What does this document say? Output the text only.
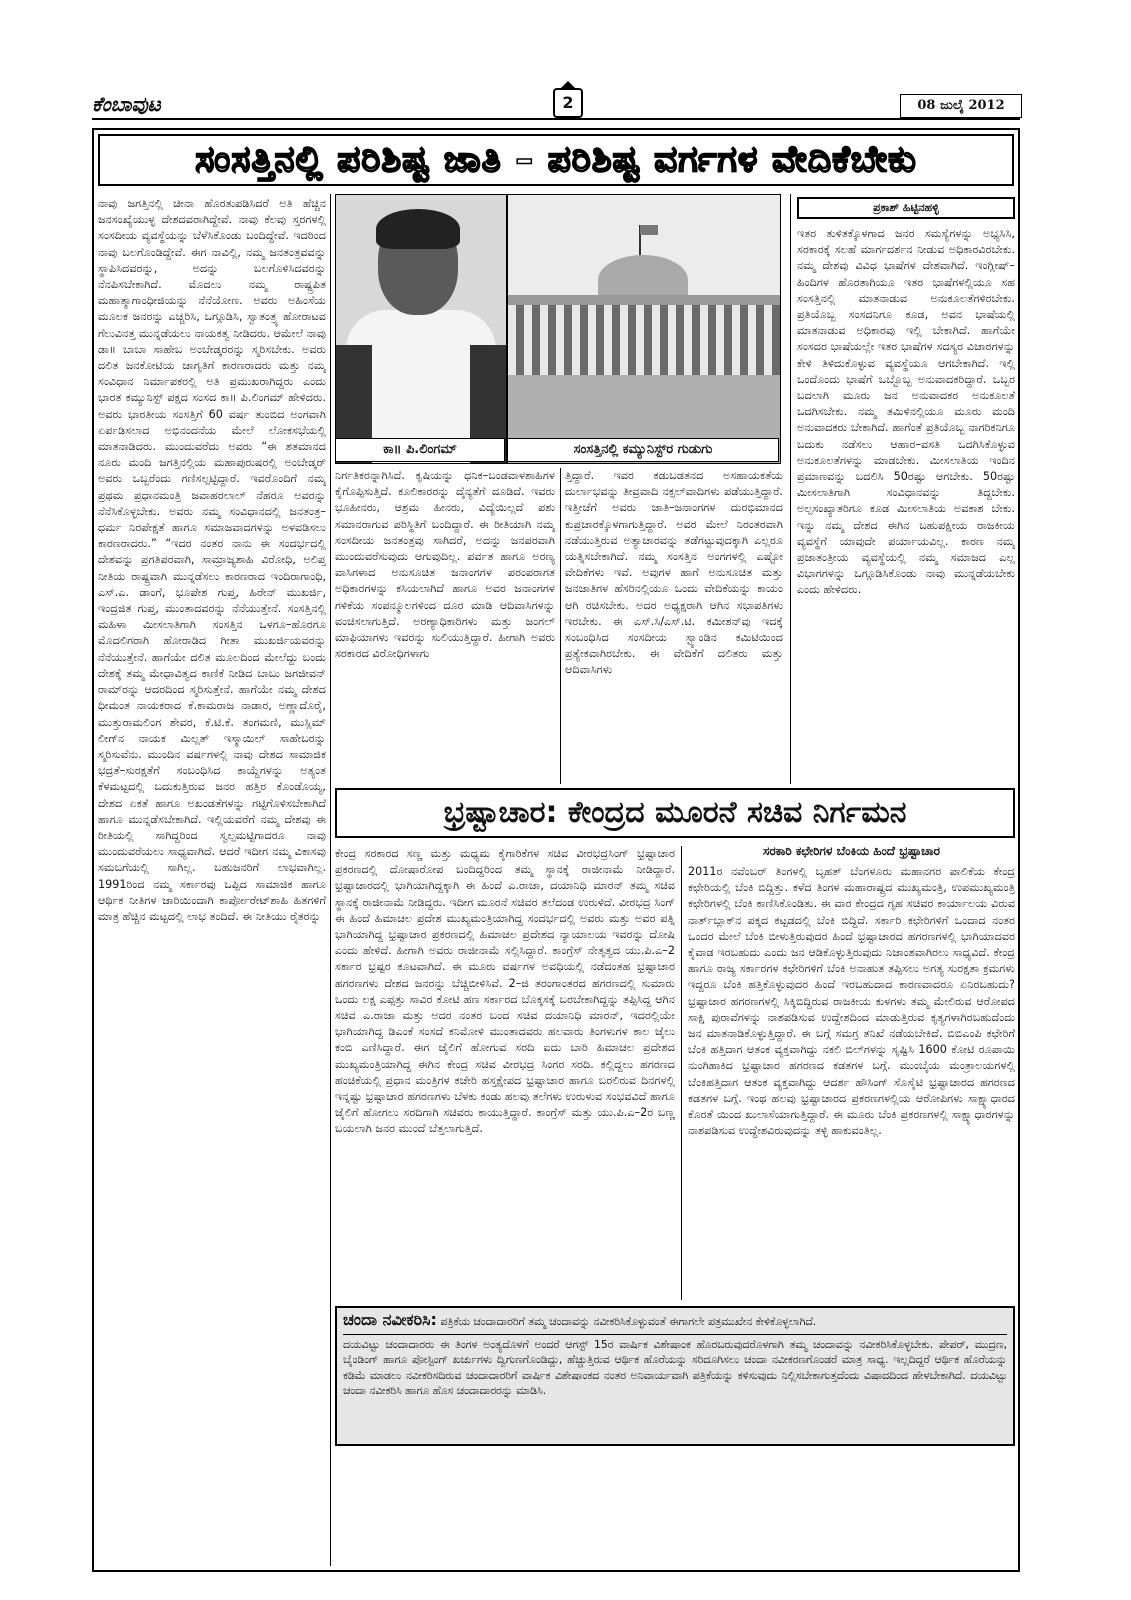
ಕೆಂಬಾವುಟ	2	08 ಜುಲೈ 2012
ಸಂಸತ್ತಿನಲ್ಲಿ ಪರಿಶಿಷ್ಟ ಜಾತಿ – ಪರಿಶಿಷ್ಟ ವರ್ಗಗಳ ವೇದಿಕೆಬೇಕು

ನಾವು ಜಗತ್ತಿನಲ್ಲಿ ಚೀನಾ ಹೊರತುಪಡಿಸಿದರೆ ಅತಿ ಹೆಚ್ಚಿನ ಜನಸಂಖ್ಯೆಯುಳ್ಳ ದೇಶದವರಾಗಿದ್ದೇವೆ. ನಾವು ಕೆಲವು ಸ್ತರಗಳಲ್ಲಿ ಸಂಸದೀಯ ವ್ಯವಸ್ಥೆಯನ್ನು ಬೆಳೆಸಿಕೊಂಡು ಬಂದಿದ್ದೇವೆ. ಇದರಿಂದ ನಾವು ಬಲಗೊಂಡಿದ್ದೇವೆ. ಈಗ ನಾವಿಲ್ಲಿ, ನಮ್ಮ ಜನತಂತ್ರವವನ್ನು ಸ್ಥಾಪಿಸಿದವರನ್ನು, ಅದನ್ನು ಬಲಗೊಳಿಸಿದವರನ್ನು ನೆನಪಿಸಬೇಕಾಗಿದೆ. ಮೊದಲು ನಮ್ಮ ರಾಷ್ಟ್ರಪಿತ ಮಹಾತ್ಮಾಗಾಂಧೀಜಿಯನ್ನು ನೆನೆಯೋಣ. ಅವರು ಅಹಿಂಸೆಯ ಮೂಲಕ ಜನರನ್ನು ಎಚ್ಚರಿಸಿ, ಒಗ್ಗೂಡಿಸಿ, ಸ್ವಾತಂತ್ರ್ಯ ಹೋರಾಟವ ಗೆಲುವಿನತ್ತ ಮುನ್ನಡೆಯಲು ನಾಯಕತ್ವ ನೀಡಿದರು. ಆಮೇಲೆ ನಾವು ಡಾ॥ ಬಾಬಾ ಸಾಹೇಬ ಅಂಬೇಡ್ಕರರನ್ನು ಸ್ಮರಿಸಬೇಕು. ಅವರು ದಲಿತ ಜನಕೋಟಿಯ ಜಾಗೃತಿಗೆ ಕಾರಣರಾದರು ಮತ್ತು ನಮ್ಮ ಸಂವಿಧಾನ ನಿರ್ಮಾಪಕರಲ್ಲಿ ಅತಿ ಪ್ರಮುಖರಾಗಿದ್ದರು ಎಂದು ಭಾರತ ಕಮ್ಯುನಿಸ್ಟ್ ಪಕ್ಷದ ಸಂಸದ ಕಾ॥ ಪಿ.ಲಿಂಗಮ್ ಹೇಳಿದರು. ಅವರು ಭಾರತೀಯ ಸಂಸತ್ತಿಗೆ 60 ವರ್ಷ ತುಂಬಿದ ಅಂಗವಾಗಿ ಏರ್ಪಡಿಸಲಾದ ಅಭಿನಂದನೆಯ ಮೇಲೆ ಲೋಕಸಭೆಯಲ್ಲಿ ಮಾತನಾಡಿದರು. ಮುಂದುವರೆದು ಅವರು “ಈ ಶತಮಾನದ ನೂರು ಮಂದಿ ಜಗತ್ತಿನಲ್ಲಿಯ ಮಹಾಪುರುಷರಲ್ಲಿ ಅಂಬೇಡ್ಕರ್ ಅವರು ಒಬ್ಬರೆಂದು ಗಣಿಸಲ್ಪಟ್ಟಿದ್ದಾರೆ. ಇವರೊಂದಿಗೆ ನಮ್ಮ ಪ್ರಥಮ ಪ್ರಧಾನಮಂತ್ರಿ ಜವಾಹರಲಾಲ್ ನೆಹರೂ ಅವರನ್ನು ನೆನೆಸಿಕೊಳ್ಳಬೇಕು. ಅವರು ನಮ್ಮ ಸಂವಿಧಾನದಲ್ಲಿ ಜನತಂತ್ರ–ಧರ್ಮ ನಿರಪೇಕ್ಷತೆ ಹಾಗೂ ಸಮಾಜವಾದಗಳನ್ನು ಅಳವಡಿಸಲು ಕಾರಣರಾದರು.” “ಇದರ ನಂತರ ನಾನು ಈ ಸಂದರ್ಭದಲ್ಲಿ ದೇಶವನ್ನು ಪ್ರಗತಿಪರವಾಗಿ, ಸಾಮ್ರಾಜ್ಯಶಾಹಿ ವಿರೋಧಿ, ಅಲಿಪ್ತ ನೀತಿಯ ರಾಷ್ಟ್ರವಾಗಿ ಮುನ್ನಡೆಸಲು ಕಾರಣರಾದ ಇಂದಿರಾಗಾಂಧಿ, ಎಸ್.ಎ. ಡಾಂಗೆ, ಭೂಪೇಶ ಗುಪ್ತ, ಹಿರೇನ್ ಮುಖರ್ಜಿ, ಇಂದ್ರಜಿತ ಗುಪ್ತ, ಮುಂತಾದವರನ್ನು ನೆನೆಯುತ್ತೇನೆ. ಸಂಸತ್ತಿನಲ್ಲಿ ಮಹಿಳಾ ಮೀಸಲಾತಿಗಾಗಿ ಸಂಸತ್ತಿನ ಒಳಗೂ–ಹೊರಗೂ ಮೊದಲಿಗರಾಗಿ ಹೋರಾಡಿದ ಗೀತಾ ಮುಖರ್ಜಿಯವರನ್ನು ನೆನೆಯುತ್ತೇನೆ. ಹಾಗೆಯೇ ದಲಿತ ಮೂಲದಿಂದ ಮೇಲೆದ್ದು ಬಂದು ದೇಶಕ್ಕೆ ತಮ್ಮ ಮೇಧಾವಿತ್ವದ ಕಾಣಿಕೆ ನೀಡಿದ ಬಾಬು ಜಗಜೀವನ್ ರಾಮ್‌ರನ್ನು ಆದರದಿಂದ ಸ್ಮರಿಸುತ್ತೇನೆ. ಹಾಗೆಯೇ ನಮ್ಮ ದೇಶದ ಧೀಮಂತ ನಾಯಕರಾದ ಕೆ.ಕಾಮರಾಜ ನಾಡಾರ, ಅಣ್ಣಾದೊರೈ, ಮುತ್ತುರಾಮಲಿಂಗ ಶೇವರ, ಕೆ.ಟಿ.ಕೆ. ತಂಗಮಣಿ, ಮುಸ್ಲಿಮ್ ಲೀಗ್‌ನ ನಾಯಕ ಮಿಲ್ಲತ್ ಇಸ್ಮಾಯಿಲ್ ಸಾಹೇಬರನ್ನು ಸ್ಮರಿಸುವೆನು. ಮುಂದಿನ ವರ್ಷಗಳಲ್ಲಿ ನಾವು ದೇಶದ ಸಾಮಾಜಿಕ ಭದ್ರತೆ–ಸುರಕ್ಷತೆಗೆ ಸಂಬಂಧಿಸಿದ ಕಾಯ್ದೆಗಳನ್ನು ಅತ್ಯಂತ ಕೆಳಮಟ್ಟದಲ್ಲಿ ಬದುಕುತ್ತಿರುವ ಜನರ ಹತ್ತಿರ ಕೊಂಡೊಯ್ಯ, ದೇಶದ ಏಕತೆ ಹಾಗೂ ಅಖಂಡತೆಗಳನ್ನು ಗಟ್ಟಿಗೊಳಿಸಬೇಕಾಗಿದೆ ಹಾಗೂ ಮುನ್ನಡೆಸಬೇಕಾಗಿದೆ. ಇಲ್ಲಿಯವರೆಗೆ ನಮ್ಮ ದೇಶವು ಈ ರೀತಿಯಲ್ಲಿ ಸಾಗಿದ್ದರಿಂದ ಸ್ವಲ್ಪಮಟ್ಟಿಗಾದರೂ ನಾವು ಮುಂದುವರೆಯಲು ಸಾಧ್ಯವಾಗಿದೆ. ಆದರೆ ಇದೀಗ ನಮ್ಮ ವಿಕಾಸವು ಸಮಬಗೆಯಲ್ಲಿ ಸಾಗಿಲ್ಲ. ಬಹುಜನರಿಗೆ ಲಾಭವಾಗಿಲ್ಲ. 1991ರಿಂದ ನಮ್ಮ ಸರ್ಕಾರವು ಒಪ್ಪಿದ ಸಾಮಾಜಿಕ ಹಾಗೂ ಆರ್ಥಿಕ ನೀತಿಗಳ ಜಾರಿಯಿಂದಾಗಿ ಕಾರ್ಪೋರೇಟ್‌ಶಾಹಿ ಹಿತಗಳಿಗೆ ಮಾತ್ರ ಹೆಚ್ಚಿನ ಮಟ್ಟದಲ್ಲಿ ಲಾಭ ತಂದಿದೆ. ಈ ನೀತಿಯು ರೈತರನ್ನು

ಕಾ॥ ಪಿ.ಲಿಂಗಮ್	ಸಂಸತ್ತಿನಲ್ಲಿ ಕಮ್ಯುನಿಸ್ಟ್‌ರ ಗುಡುಗು

ನಿರ್ಗತಿಕರನ್ನಾಗಿಸಿದೆ. ಕೃಷಿಯನ್ನು ಧನಿಕ–ಬಂಡವಾಳಶಾಹಿಗಳ ಕೈಗೊಪ್ಪಿಸುತ್ತಿದೆ. ಕೂಲಿಕಾರರನ್ನು ದೈನ್ಯತೆಗೆ ದೂಡಿದೆ. ಇವರು ಭೂಹೀನರು, ಆಶ್ರಮ ಹೀನರು, ವಿದ್ಯೆಯಿಲ್ಲದೆ ಪಶು ಸಮಾನರಾಗುವ ಪರಿಸ್ಥಿತಿಗೆ ಬಂದಿದ್ದಾರೆ. ಈ ರೀತಿಯಾಗಿ ನಮ್ಮ ಸಂಸದೀಯ ಜನತಂತ್ರವು ಸಾಗಿದರೆ, ಅದನ್ನು ಜನಪರವಾಗಿ ಮುಂದುವರೆಸುವುದು ಆಗುವುದಿಲ್ಲ. ಪರ್ವತ ಹಾಗೂ ಅರಣ್ಯ ವಾಸಿಗಳಾದ ಅನುಸೂಚಿತ ಜನಾಂಗಗಳ ಪರಂಪರಾಗತ ಅಧಿಕಾರಗಳನ್ನು ಕಸಿಯಲಾಗಿದೆ ಹಾಗೂ ಅವರ ಜನಾಂಗಗಳ ಗಳಿಕೆಯ ಸಂಪನ್ಮೂಲಗಳಿಂದ ದೂರ ಮಾಡಿ ಆದಿವಾಸಿಗಳನ್ನು ವಂಚಿಸಲಾಗುತ್ತಿದೆ. ಅರಣ್ಯಾಧಿಕಾರಿಗಳು ಮತ್ತು ಜಂಗಲ್ ಮಾಫಿಯಾಗಳು ಇವರನ್ನು ಸುಲಿಯುತ್ತಿದ್ದಾರೆ. ಹೀಗಾಗಿ ಅವರು ಸರಕಾರದ ವಿರೋಧಿಗಳಾಗು

ತ್ತಿದ್ದಾರೆ. ಇವರ ಕಡುಬಡತನದ ಅಸಹಾಯಕತೆಯ ದುರ್ಲಾಭವನ್ನು ತೀವ್ರವಾದಿ ನಕ್ಸಲ್‌ವಾದಿಗಳು ಪಡೆಯುತ್ತಿದ್ದಾರೆ. ಇತ್ತೀಚೆಗೆ ಅವರು ಜಾತಿ–ಜನಾಂಗಗಳ ದುರಭಿಮಾನದ ಕುಪ್ರಚಾರಕ್ಕೊಳಗಾಗುತ್ತಿದ್ದಾರೆ. ಅವರ ಮೇಲೆ ನಿರಂತರವಾಗಿ ನಡೆಯುತ್ತಿರುವ ಅತ್ಯಾಚಾರವನ್ನು ತಡೆಗಟ್ಟುವುದಕ್ಕಾಗಿ ಎಲ್ಲರೂ ಯತ್ನಿಸಬೇಕಾಗಿದೆ. ನಮ್ಮ ಸಂಸತ್ತಿನ ಅಂಗಗಳಲ್ಲಿ ಎಷ್ಟೋ ವೇದಿಕೆಗಳು ಇವೆ. ಅವುಗಳ ಹಾಗೆ ಅನುಸೂಚಿತ ಮತ್ತು ಜನಜಾತಿಗಳ ಹೆಸರಿನಲ್ಲಿಯೂ ಒಂದು ವೇದಿಕೆಯನ್ನು ಕಾಯಂ ಆಗಿ ರಚಿಸಬೇಕು. ಅದರ ಅಧ್ಯಕ್ಷರಾಗಿ ಆಗಿನ ಸಭಾಪತಿಗಳು ಇರಬೇಕು. ಈ ಎಸ್.ಸಿ/ಎಸ್.ಟಿ. ಕಮೀಶನ್‌ವು ಇದಕ್ಕೆ ಸಂಬಂಧಿಸಿದ ಸಂಸದೀಯ ಸ್ಟ್ಯಾಂಡಿನ ಕಮಿಟಿಯಿಂದ ಪ್ರತ್ಯೇಕವಾಗಿರಬೇಕು. ಈ ವೇದಿಕೆಗೆ ದಲಿತರು ಮತ್ತು ಆದಿವಾಸಿಗಳು

ಪ್ರಕಾಶ್ ಹಿಟ್ಟಿನಹಳ್ಳಿ

ಇತರ ತುಳಿತಕ್ಕೊಳಗಾದ ಜನರ ಸಮಸ್ಯೆಗಳನ್ನು ಅಭ್ಯಸಿಸಿ, ಸರಕಾರಕ್ಕೆ ಸಲಹೆ ಮಾರ್ಗದರ್ಶನ ನೀಡುವ ಅಧಿಕಾರವಿರಬೇಕು. ನಮ್ಮ ದೇಶವು ವಿವಿಧ ಭಾಷೆಗಳ ದೇಶವಾಗಿದೆ. ಇಂಗ್ಲೀಷ್–ಹಿಂದಿಗಳ ಹೊರತಾಗಿಯೂ ಇತರ ಭಾಷೆಗಳಲ್ಲಿಯೂ ಸಹ ಸಂಸತ್ತಿನಲ್ಲಿ ಮಾತನಾಡುವ ಅನುಕೂಲತೆಗಳಿರಬೇಕು. ಪ್ರತಿಯೊಬ್ಬ ಸಂಸದನಿಗೂ ಕೂಡ, ಅವನ ಭಾಷೆಯಲ್ಲಿ ಮಾತನಾಡುವ ಅಧಿಕಾರವು ಇಲ್ಲಿ ಬೇಕಾಗಿದೆ. ಹಾಗೆಯೇ ಸಂಸದರ ಭಾಷೆಯಲ್ಲೇ ಇತರ ಭಾಷೆಗಳ ಸದಸ್ಯರ ವಿಚಾರಗಳನ್ನು ಕೇಳಿ ತಿಳಿದುಕೊಳ್ಳುವ ವ್ಯವಸ್ಥೆಯೂ ಆಗಬೇಕಾಗಿದೆ. ಇಲ್ಲಿ ಒಂದೊಂದು ಭಾಷೆಗೆ ಒಬ್ಬೊಬ್ಬ ಅನುವಾದಕರಿದ್ದಾರೆ. ಒಬ್ಬರ ಬದಲಾಗಿ ಮೂರು ಜನ ಅನುವಾದಕರ ಅನುಕೂಲತೆ ಒದಗಿಸಬೇಕು. ನಮ್ಮ ತಮಿಳಿನಲ್ಲಿಯೂ ಮೂರು ಮಂದಿ ಅನುವಾದಕರು ಬೇಕಾಗಿದೆ. ಹಾಗೆಂತೆ ಪ್ರತಿಯೊಬ್ಬ ನಾಗರಿಕನಿಗೂ ಬದುಕು ನಡೆಸಲು ಆಹಾರ–ವಸತಿ ಒದಗಿಸಿಕೊಳ್ಳುವ ಅನುಕೂಲತೆಗಳನ್ನು ಮಾಡಬೇಕು. ಮೀಸಲಾತಿಯ ಇಂದಿನ ಪ್ರಮಾಣವನ್ನು ಬದಲಿಸಿ 50ರಷ್ಟು ಆಗಬೇಕು. 50ರಷ್ಟು ಮೀಸಲಾತಿಗಾಗಿ ಸಂವಿಧಾನವನ್ನು ತಿದ್ದಬೇಕು. ಅಲ್ಪಸಂಖ್ಯಾತರಿಗೂ ಕೂಡ ಮೀಸಲಾತಿಯ ಅವಕಾಶ ಬೇಕು. ಇನ್ನು ನಮ್ಮ ದೇಶದ ಈಗಿನ ಬಹುಪಕ್ಷೀಯ ರಾಜಕೀಯ ವ್ಯವಸ್ಥೆಗೆ ಯಾವುದೇ ಪರ್ಯಾಯವಿಲ್ಲ. ಕಾರಣ ನಮ್ಮ ಪ್ರಜಾತಂತ್ರೀಯ ವ್ಯವಸ್ಥೆಯಲ್ಲಿ ನಮ್ಮ ಸಮಾಜದ ಎಲ್ಲ ವಿಭಾಗಗಳನ್ನು ಒಗ್ಗೂಡಿಸಿಕೊಂಡು ನಾವು ಮುನ್ನಡೆಯಬೇಕು ಎಂದು ಹೇಳಿದರು.

ಭ್ರಷ್ಟಾಚಾರ: ಕೇಂದ್ರದ ಮೂರನೆ ಸಚಿವ ನಿರ್ಗಮನ

ಕೇಂದ್ರ ಸರಕಾರದ ಸಣ್ಣ ಮತ್ತು ಮಧ್ಯಮ ಕೈಗಾರಿಕೆಗಳ ಸಚಿವ ವೀರಭದ್ರಸಿಂಗ್ ಭ್ರಷ್ಟಾಚಾರ ಪ್ರಕರಣದಲ್ಲಿ ದೋಷಾರೋಪ ಬಂದಿದ್ದರಿಂದ ತಮ್ಮ ಸ್ಥಾನಕ್ಕೆ ರಾಜೀನಾಮೆ ನೀಡಿದ್ದಾರೆ. ಭ್ರಷ್ಟಾಚಾರದಲ್ಲಿ ಭಾಗಿಯಾಗಿದ್ದಕ್ಕಾಗಿ ಈ ಹಿಂದೆ ಎ.ರಾಜಾ, ದಯಾನಿಧಿ ಮಾರನ್ ತಮ್ಮ ಸಚಿವ ಸ್ಥಾನಕ್ಕೆ ರಾಜೀನಾಮೆ ನೀಡಿದ್ದರು. ಇದೀಗ ಮೂರನೆ ಸಚಿವರ ತಲೆದಂಡ ಉರುಳಿದೆ. ವೀರಭದ್ರ ಸಿಂಗ್ ಈ ಹಿಂದೆ ಹಿಮಾಚಲ ಪ್ರದೇಶ ಮುಖ್ಯಮಂತ್ರಿಯಾಗಿದ್ದ ಸಂದರ್ಭದಲ್ಲಿ ಅವರು ಮತ್ತು ಅವರ ಪತ್ನಿ ಭಾಗಿಯಾಗಿದ್ದ ಭ್ರಷ್ಟಾಚಾರ ಪ್ರಕರಣದಲ್ಲಿ ಹಿಮಾಚಲ ಪ್ರದೇಶದ ನ್ಯಾಯಾಲಯ ಇವರನ್ನು ದೋಷಿ ಎಂದು ಹೇಳಿದೆ. ಹೀಗಾಗಿ ಅವರು ರಾಜೀನಾಮೆ ಸಲ್ಲಿಸಿದ್ದಾರೆ. ಕಾಂಗ್ರೆಸ್ ನೇತೃತ್ವದ ಯು.ಪಿ.ಎ–2 ಸರ್ಕಾರ ಭ್ರಷ್ಟರ ಕೂಟವಾಗಿದೆ. ಈ ಮೂರು ವರ್ಷಗಳ ಅವಧಿಯಲ್ಲಿ ನಡೆದಂತಹ ಭ್ರಷ್ಟಾಚಾರ ಹಗರಣಗಳು ದೇಶದ ಜನರನ್ನು ಬೆಚ್ಚಿಬೀಳಿಸಿವೆ. 2–ಜಿ ತರಂಗಾಂತರದ ಹಗರಣದಲ್ಲಿ ಸುಮಾರು ಒಂದು ಲಕ್ಷ ಎಪ್ಪತ್ತು ಸಾವಿರ ಕೋಟಿ ಹಣ ಸರ್ಕಾರದ ಬೊಕ್ಕಸಕ್ಕೆ ಬರಬೇಕಾಗಿದ್ದನ್ನು ತಪ್ಪಿಸಿದ್ದ ಆಗಿನ ಸಚಿವ ಎ.ರಾಜಾ ಮತ್ತು ಅದರ ನಂತರ ಬಂದ ಸಚಿವ ದಯಾನಿಧಿ ಮಾರನ್, ಇದರಲ್ಲಿಯೇ ಭಾಗಿಯಾಗಿದ್ದ ಡಿಎಂಕೆ ಸಂಸದೆ ಕನಿಮೋಳಿ ಮುಂತಾದವರು ಹಲವಾರು ತಿಂಗಳುಗಳ ಕಾಲ ಜೈಲು ಕಂಬಿ ಎಣಿಸಿದ್ದಾರೆ. ಈಗ ಜೈಲಿಗೆ ಹೋಗುವ ಸರದಿ ಐದು ಬಾರಿ ಹಿಮಾಚಲ ಪ್ರದೇಶದ ಮುಖ್ಯಮಂತ್ರಿಯಾಗಿದ್ದ ಈಗಿನ ಕೇಂದ್ರ ಸಚಿವ ವೀರಭದ್ರ ಸಿಂಗರ ಸರದಿ. ಕಲ್ಲಿದ್ದಲು ಹಗರಣದ ಹಂಚಿಕೆಯಲ್ಲಿ ಪ್ರಧಾನ ಮಂತ್ರಿಗಳ ಕಚೇರಿ ಹಸ್ತಕ್ಷೇಪದ ಭ್ರಷ್ಟಾಚಾರ ಹಾಗೂ ಬರಲಿರುವ ದಿನಗಳಲ್ಲಿ ಇನ್ನಷ್ಟು ಭ್ರಷ್ಟಾಚಾರ ಹಗರಣಗಳು ಬೆಳಕು ಕಂಡು ಹಲವು ತಲೆಗಳು ಉರುಳುವ ಸಂಭವವಿದೆ ಹಾಗೂ ಜೈಲಿಗೆ ಹೋಗಲು ಸರದಿಗಾಗಿ ಸಚಿವರು ಕಾಯುತ್ತಿದ್ದಾರೆ. ಕಾಂಗ್ರೆಸ್ ಮತ್ತು ಯು.ಪಿ.ಎ–2ರ ಬಣ್ಣ ಬಯಲಾಗಿ ಜನರ ಮುಂದೆ ಬೆತ್ತಲಾಗುತ್ತಿದೆ.

ಸರಕಾರಿ ಕಛೇರಿಗಳ ಬೆಂಕಿಯ ಹಿಂದೆ ಭ್ರಷ್ಟಾಚಾರ

2011ರ ನವೆಂಬರ್ ತಿಂಗಳಲ್ಲಿ ಬೃಹತ್ ಬೆಂಗಳೂರು ಮಹಾನಗರ ಪಾಲಿಕೆಯ ಕೇಂದ್ರ ಕಛೇರಿಯಲ್ಲಿ ಬೆಂಕಿ ಬಿದ್ದಿತ್ತು. ಕಳೆದ ತಿಂಗಳ ಮಹಾರಾಷ್ಟ್ರದ ಮುಖ್ಯಮಂತ್ರಿ, ಉಪಮುಖ್ಯಮಂತ್ರಿ ಕಛೇರಿಗಳಲ್ಲಿ ಬೆಂಕಿ ಕಾಣಿಸಿಕೊಂಡಿತು. ಈ ವಾರ ಕೇಂದ್ರದ ಗೃಹ ಸಚಿವರ ಕಾರ್ಯಾಲಯ ವಿರುವ ನಾರ್ತ್‌ಬ್ಲಾಕ್‌ನ ಪಕ್ಕದ ಕಟ್ಟಡದಲ್ಲಿ ಬೆಂಕಿ ಬಿದ್ದಿದೆ. ಸರ್ಕಾರಿ ಕಛೇರಿಗಳಿಗೆ ಒಂದಾದ ನಂತರ ಒಂದರ ಮೇಲೆ ಬೆಂಕಿ ಬೀಳುತ್ತಿರುವುದರ ಹಿಂದೆ ಭ್ರಷ್ಟಾಚಾರದ ಹಗರಣಗಳಲ್ಲಿ ಭಾಗಿಯಾದವರ ಕೈವಾಡ ಇರಬಹುದು ಎಂದು ಜನ ಆಡಿಕೊಳ್ಳುತ್ತಿರುವುದು ನಿಜಾಂಶವಾಗಿರಲು ಸಾಧ್ಯವಿದೆ. ಕೇಂದ್ರ ಹಾಗೂ ರಾಜ್ಯ ಸರ್ಕಾರಗಳ ಕಛೇರಿಗಳಿಗೆ ಬೆಂಕಿ ಅನಾಹುತ ತಪ್ಪಿಸಲು ಅಗತ್ಯ ಸುರಕ್ಷತಾ ಕ್ರಮಗಳು ಇದ್ದರೂ ಬೆಂಕಿ ಹತ್ತಿಕೊಳ್ಳುವುದರ ಹಿಂದೆ ಇರಬಹುದಾದ ಕಾರಣವಾದರೂ ಏನಿರಬಹುದು? ಭ್ರಷ್ಟಾಚಾರ ಹಗರಣಗಳಲ್ಲಿ ಸಿಕ್ಕಿಬಿದ್ದಿರುವ ರಾಜಕೀಯ ಕುಳಗಳು ತಮ್ಮ ಮೇಲಿರುವ ಆರೋಪದ ಸಾಕ್ಷಿ ಪುರಾವೆಗಳನ್ನು ನಾಶಪಡಿಸುವ ಉದ್ದೇಶದಿಂದ ಮಾಡುತ್ತಿರುವ ಕೃತ್ಯಗಳಾಗಿರಬಹುದೆಂದು ಜನ ಮಾತನಾಡಿಕೊಳ್ಳುತ್ತಿದ್ದಾರೆ. ಈ ಬಗ್ಗೆ ಸಮಗ್ರ ತನಿಖೆ ನಡೆಯಬೇಕಿದೆ. ಬಿಬಿಎಂಪಿ ಕಛೇರಿಗೆ ಬೆಂಕಿ ಹತ್ತಿದಾಗ ಆತಂಕ ವ್ಯಕ್ತವಾಗಿದ್ದು ನಕಲಿ ಬಿಲ್‌ಗಳನ್ನು ಸೃಷ್ಟಿಸಿ 1600 ಕೋಟಿ ರೂಪಾಯಿ ನುಂಗಿಹಾಕಿದ ಭ್ರಷ್ಟಾಚಾರ ಹಗರಣದ ಕಡತಗಳ ಬಗ್ಗೆ. ಮುಂಬೈಯ ಮಂತ್ರಾಲಯಗಳಲ್ಲಿ ಬೆಂಕಿಹತ್ತಿದಾಗ ಆತಂಕ ವ್ಯಕ್ತವಾಗಿದ್ದು ಆದರ್ಶ ಹೌಸಿಂಗ್ ಸೊಸೈಟಿ ಭ್ರಷ್ಟಾಚಾರದ ಹಗರಣದ ಕಡತಗಳ ಬಗ್ಗೆ. ಇಂಥ ಹಲವು ಭ್ರಷ್ಟಾಚಾರದ ಪ್ರಕರಣಗಳಲ್ಲಿಯ ಆರೋಪಿಗಳು ಸಾಕ್ಷ್ಯಾಧಾರದ ಕೊರತೆ ಯಿಂದ ಖುಲಾಸೆಯಾಗುತ್ತಿದ್ದಾರೆ. ಈ ಮೂರು ಬೆಂಕಿ ಪ್ರಕರಣಗಳಲ್ಲಿ ಸಾಕ್ಷ್ಯಾಧಾರಗಳನ್ನು ನಾಶಪಡಿಸುವ ಉದ್ದೇಶವಿರುವುದನ್ನು ತಳ್ಳಿ ಹಾಕುವಂತಿಲ್ಲ.

ಚಂದಾ ನವೀಕರಿಸಿ: ಪತ್ರಿಕೆಯ ಚಂದಾದಾರರಿಗೆ ತಮ್ಮ ಚಂದಾವನ್ನು ನವೀಕರಿಸಿಕೊಳ್ಳುವಂತೆ ಈಗಾಗಲೇ ಪತ್ರಮುಖೇನ ಕೇಳಿಕೊಳ್ಳಲಾಗಿದೆ.
ದಯವಿಟ್ಟು ಚಂದಾದಾರರು ಈ ತಿಂಗಳ ಅಂತ್ಯದೊಳಗೆ ಅಂದರೆ ಆಗಸ್ಟ್ 15ರ ವಾರ್ಷಿಕ ವಿಶೇಷಾಂಕ ಹೊರಬರುವುದರೊಳಗಾಗಿ ತಮ್ಮ ಚಂದಾವನ್ನು ನವೀಕರಿಸಿಕೊಳ್ಳಬೇಕು. ಪೇಪರ್, ಮುದ್ರಣ, ಬೈಂಡಿಂಗ್ ಹಾಗೂ ಪೋಸ್ಟಿಂಗ್ ಖರ್ಚುಗಳು ದ್ವಿಗುಣಗೊಂಡಿದ್ದು, ಹೆಚ್ಚುತ್ತಿರುವ ಆರ್ಥಿಕ ಹೊರೆಯನ್ನು ಸರಿದೂಗಿಸಲು ಚಂದಾ ನವೀಕರಣಗೊಂಡರೆ ಮಾತ್ರ ಸಾಧ್ಯ. ಇಲ್ಲದಿದ್ದರೆ ಆರ್ಥಿಕ ಹೊರೆಯನ್ನು ಕಡಿಮೆ ಮಾಡಲು ನವೀಕರಿಸದಿರುವ ಚಂದಾದಾರರಿಗೆ ವಾರ್ಷಿಕ ವಿಶೇಷಾಂಕದ ನಂತರ ಅನಿವಾರ್ಯವಾಗಿ ಪತ್ರಿಕೆಯನ್ನು ಕಳಿಸುವುದು ನಿಲ್ಲಿಸಬೇಕಾಗುತ್ತದೆಂದು ವಿಷಾದದಿಂದ ಹೇಳಬೇಕಾಗಿದೆ. ದಯವಿಟ್ಟು ಚಂದಾ ನವೀಕರಿಸಿ ಹಾಗೂ ಹೊಸ ಚಂದಾದಾರರನ್ನು ಮಾಡಿಸಿ.
